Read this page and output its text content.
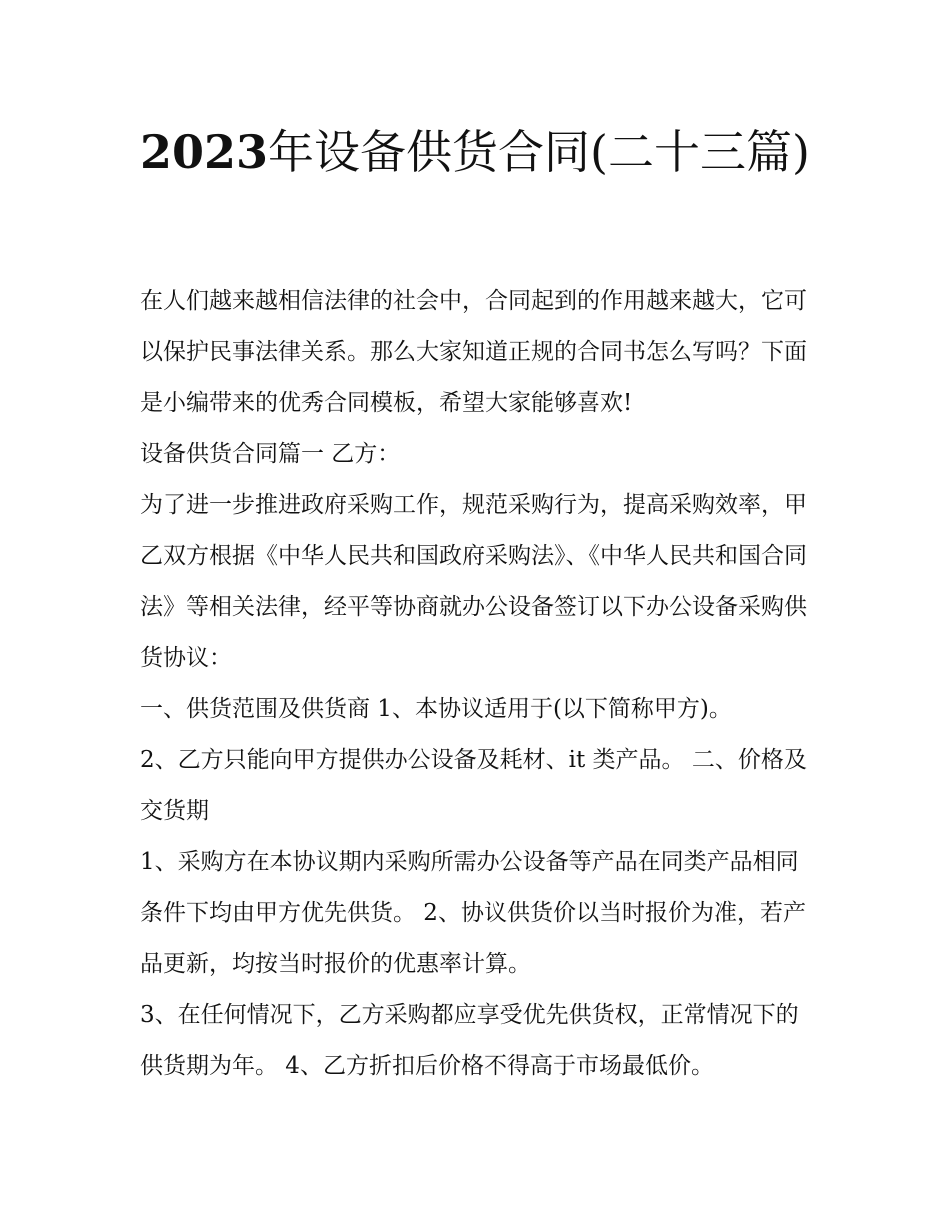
2023年设备供货合同(二十三篇)

在人们越来越相信法律的社会中，合同起到的作用越来越大，它可以保护民事法律关系。那么大家知道正规的合同书怎么写吗？下面是小编带来的优秀合同模板，希望大家能够喜欢!

设备供货合同篇一 乙方：

为了进一步推进政府采购工作，规范采购行为，提高采购效率，甲乙双方根据《中华人民共和国政府采购法》、《中华人民共和国合同法》等相关法律，经平等协商就办公设备签订以下办公设备采购供货协议：

一、供货范围及供货商 1、本协议适用于(以下简称甲方)。

2、乙方只能向甲方提供办公设备及耗材、it 类产品。 二、价格及交货期

1、采购方在本协议期内采购所需办公设备等产品在同类产品相同条件下均由甲方优先供货。 2、协议供货价以当时报价为准，若产品更新，均按当时报价的优惠率计算。

3、在任何情况下，乙方采购都应享受优先供货权，正常情况下的供货期为年。 4、乙方折扣后价格不得高于市场最低价。
